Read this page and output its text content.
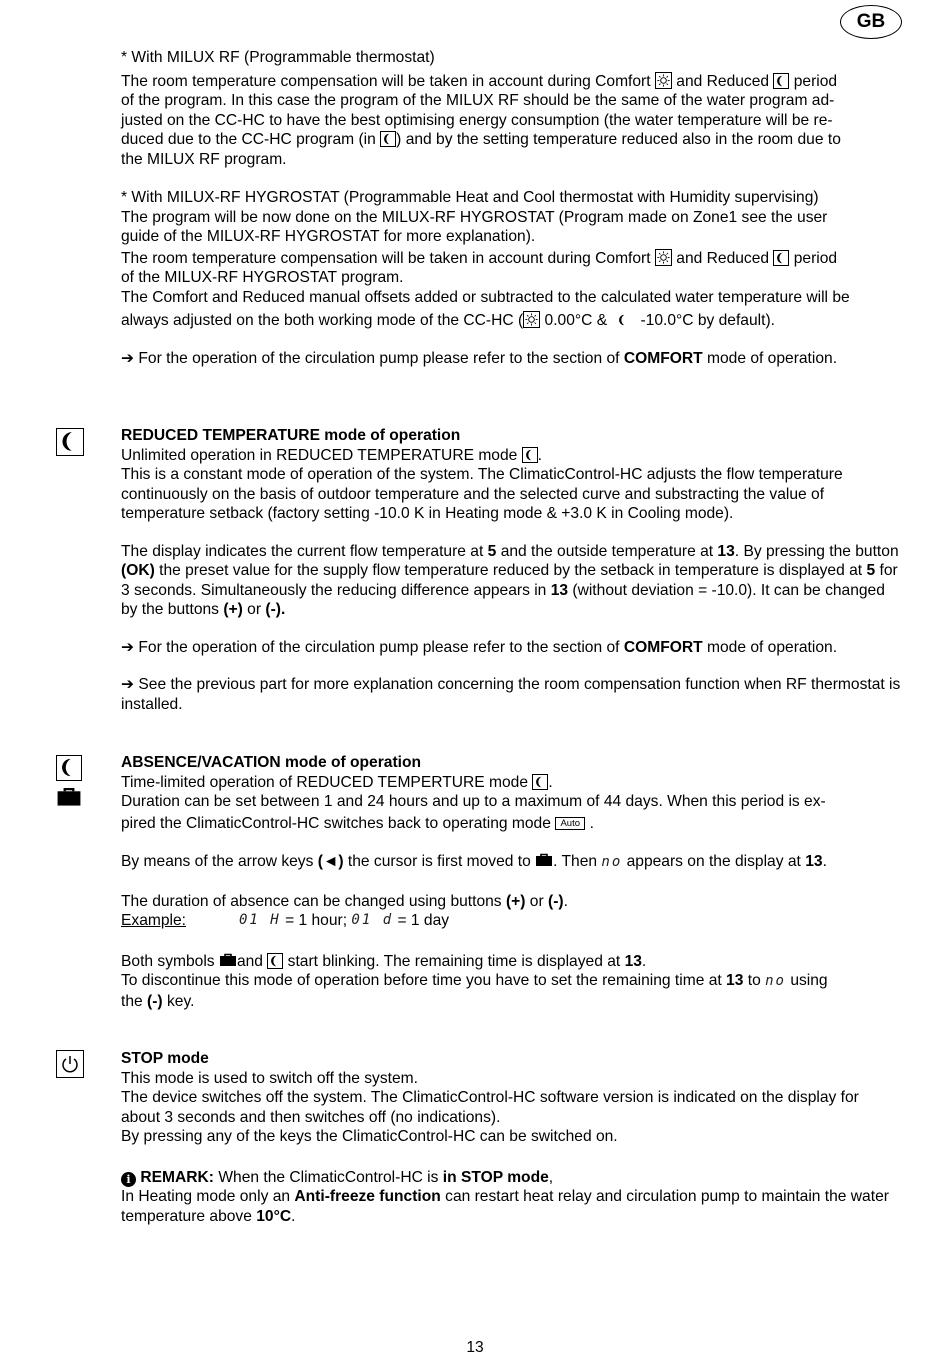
GB

* With MILUX RF (Programmable thermostat)

The room temperature compensation will be taken in account during Comfort and Reduced period
of the program. In this case the program of the MILUX RF should be the same of the water program ad-
justed on the CC-HC to have the best optimising energy consumption (the water temperature will be re-
duced due to the CC-HC program (in ) and by the setting temperature reduced also in the room due to
the MILUX RF program.

* With MILUX-RF HYGROSTAT (Programmable Heat and Cool thermostat with Humidity supervising)

The program will be now done on the MILUX-RF HYGROSTAT (Program made on Zone1 see the user

guide of the MILUX-RF HYGROSTAT for more explanation).

The room temperature compensation will be taken in account during Comfort and Reduced period

of the MILUX-RF HYGROSTAT program.

The Comfort and Reduced manual offsets added or subtracted to the calculated water temperature will be

always adjusted on the both working mode of the CC-HC ( 0.00°C & -10.0°C by default).

➔ For the operation of the circulation pump please refer to the section of COMFORT mode of operation.

REDUCED TEMPERATURE mode of operation

Unlimited operation in REDUCED TEMPERATURE mode .

This is a constant mode of operation of the system. The ClimaticControl-HC adjusts the flow temperature continuously on the basis of outdoor temperature and the selected curve and substracting the value of temperature setback (factory setting -10.0 K in Heating mode & +3.0 K in Cooling mode).

The display indicates the current flow temperature at 5 and the outside temperature at 13. By pressing the button (OK) the preset value for the supply flow temperature reduced by the setback in temperature is displayed at 5 for 3 seconds. Simultaneously the reducing difference appears in 13 (without deviation = -10.0). It can be changed by the buttons (+) or (-).

➔ For the operation of the circulation pump please refer to the section of COMFORT mode of operation.

➔ See the previous part for more explanation concerning the room compensation function when RF thermostat is installed.

ABSENCE/VACATION mode of operation

Time-limited operation of REDUCED TEMPERTURE mode .

Duration can be set between 1 and 24 hours and up to a maximum of 44 days. When this period is ex-

pired the ClimaticControl-HC switches back to operating mode Auto .

By means of the arrow keys (◄) the cursor is first moved to . Then no appears on the display at 13.

The duration of absence can be changed using buttons (+) or (-).

Example:	01 H
= 1 hour;
01 d
= 1 day

Both symbols and start blinking. The remaining time is displayed at 13.

To discontinue this mode of operation before time you have to set the remaining time at 13 to no using
the (-) key.

STOP mode

This mode is used to switch off the system.

The device switches off the system. The ClimaticControl-HC software version is indicated on the display for about 3 seconds and then switches off (no indications).

By pressing any of the keys the ClimaticControl-HC can be switched on.

i REMARK: When the ClimaticControl-HC is in STOP mode,

In Heating mode only an Anti-freeze function can restart heat relay and circulation pump to maintain the water temperature above 10°C.

13
